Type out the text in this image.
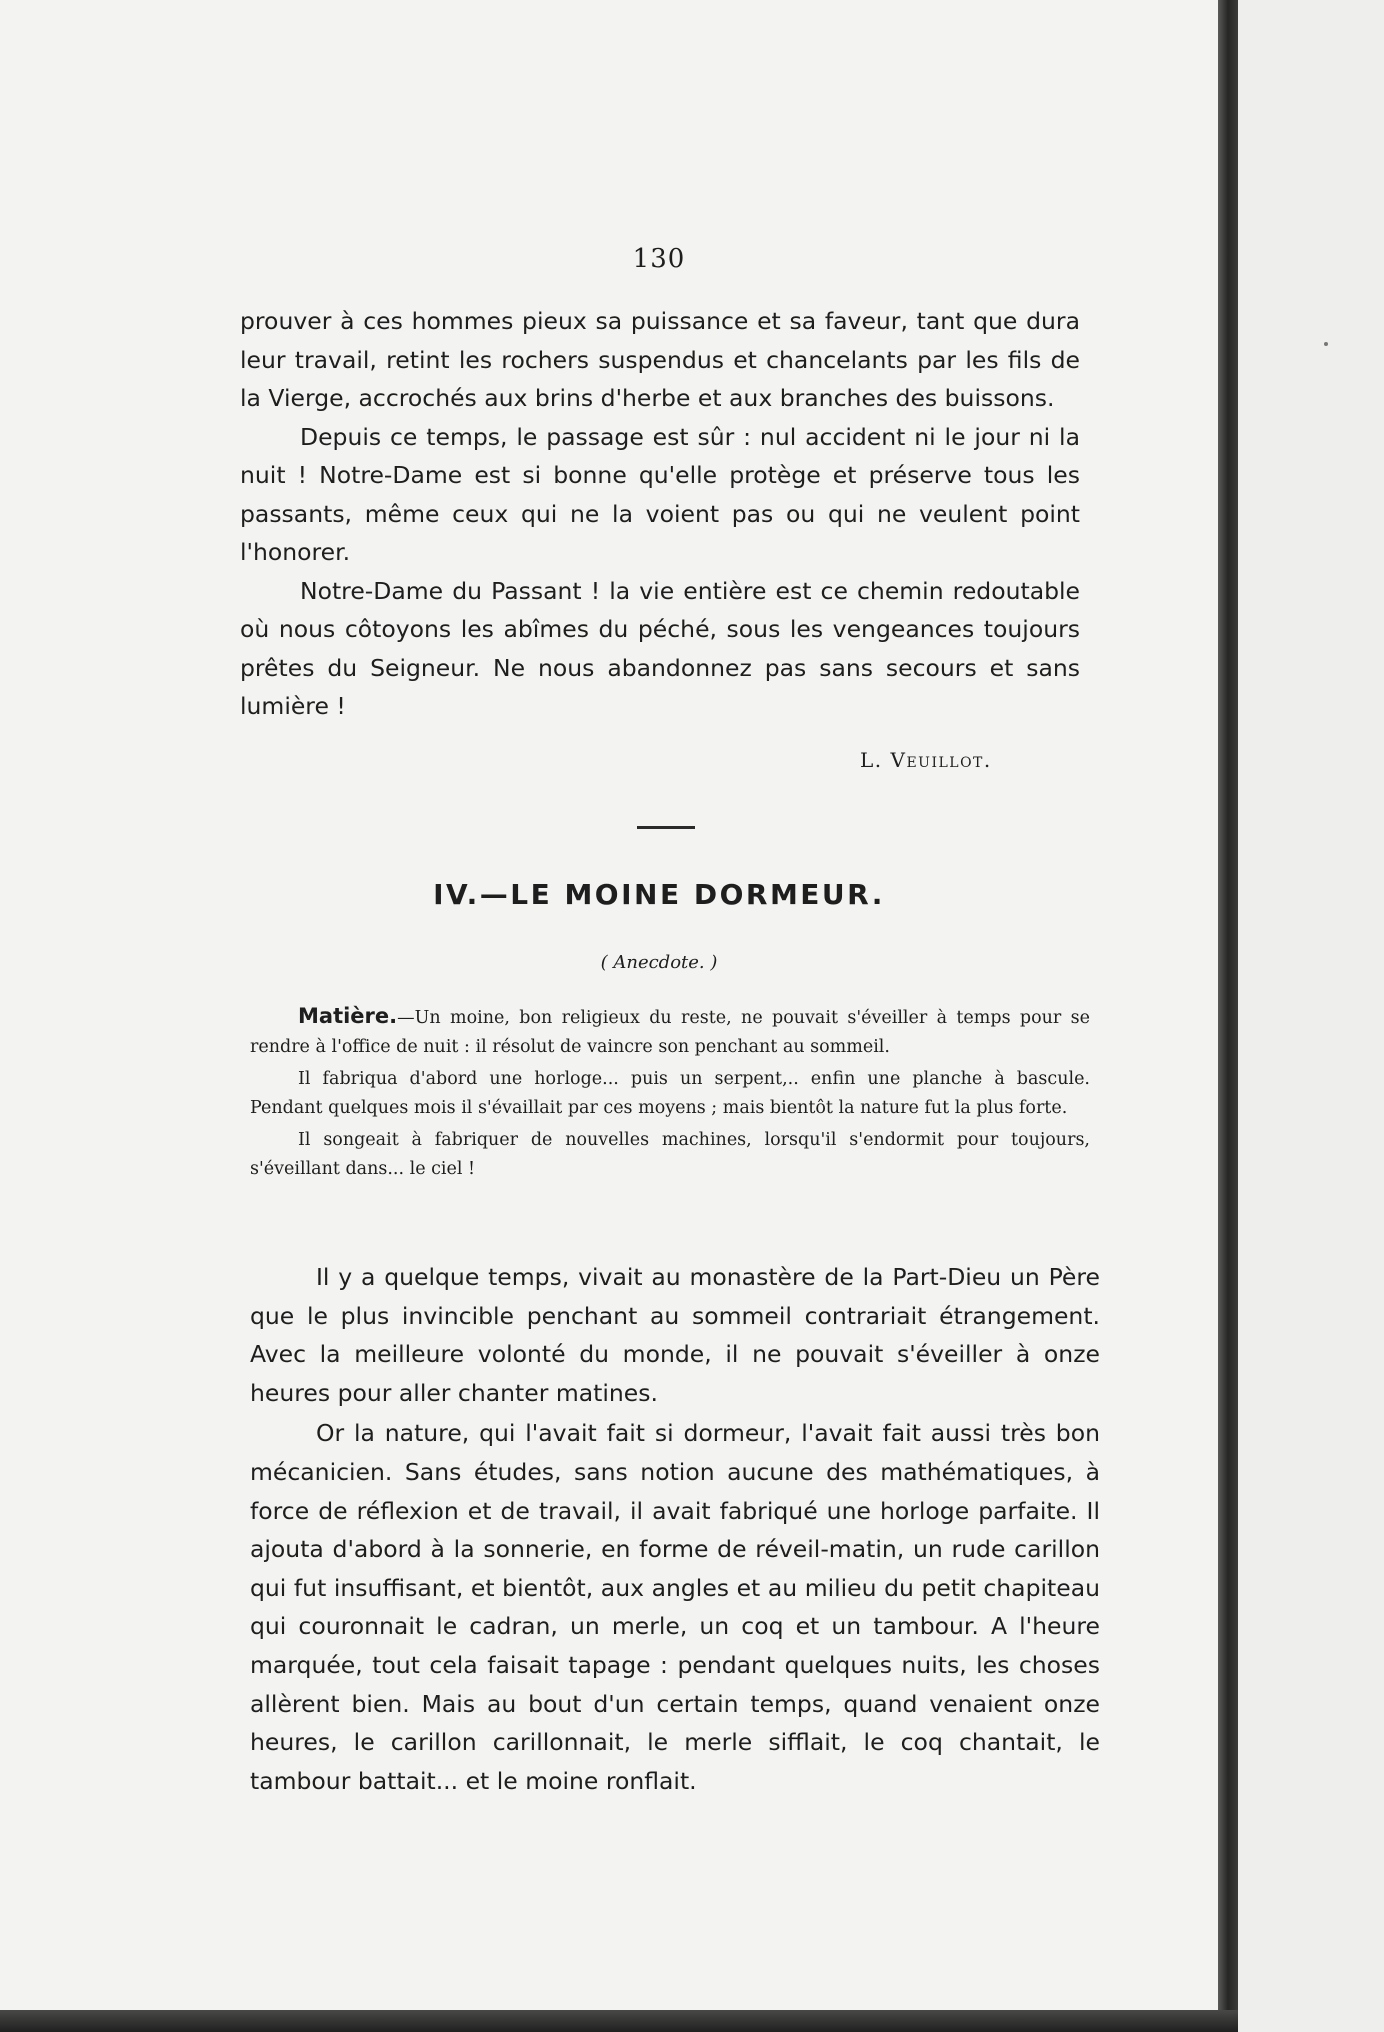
130

prouver à ces hommes pieux sa puissance et sa faveur, tant que dura leur travail, retint les rochers suspendus et chancelants par les fils de la Vierge, accrochés aux brins d'herbe et aux branches des buissons.

Depuis ce temps, le passage est sûr : nul accident ni le jour ni la nuit ! Notre-Dame est si bonne qu'elle protège et préserve tous les passants, même ceux qui ne la voient pas ou qui ne veulent point l'honorer.

Notre-Dame du Passant ! la vie entière est ce chemin redoutable où nous côtoyons les abîmes du péché, sous les vengeances toujours prêtes du Seigneur. Ne nous abandonnez pas sans secours et sans lumière !

L. Veuillot.
IV.—LE MOINE DORMEUR.
( Anecdote. )

Matière.—Un moine, bon religieux du reste, ne pouvait s'éveiller à temps pour se rendre à l'office de nuit : il résolut de vaincre son penchant au sommeil.

Il fabriqua d'abord une horloge... puis un serpent,.. enfin une planche à bascule. Pendant quelques mois il s'évaillait par ces moyens ; mais bientôt la nature fut la plus forte.

Il songeait à fabriquer de nouvelles machines, lorsqu'il s'endormit pour toujours, s'éveillant dans... le ciel !

Il y a quelque temps, vivait au monastère de la Part-Dieu un Père que le plus invincible penchant au sommeil contrariait étrangement. Avec la meilleure volonté du monde, il ne pouvait s'éveiller à onze heures pour aller chanter matines.

Or la nature, qui l'avait fait si dormeur, l'avait fait aussi très bon mécanicien. Sans études, sans notion aucune des mathématiques, à force de réflexion et de travail, il avait fabriqué une horloge parfaite. Il ajouta d'abord à la sonnerie, en forme de réveil-matin, un rude carillon qui fut insuffisant, et bientôt, aux angles et au milieu du petit chapiteau qui couronnait le cadran, un merle, un coq et un tambour. A l'heure marquée, tout cela faisait tapage : pendant quelques nuits, les choses allèrent bien. Mais au bout d'un certain temps, quand venaient onze heures, le carillon carillonnait, le merle sifflait, le coq chantait, le tambour battait... et le moine ronflait.
